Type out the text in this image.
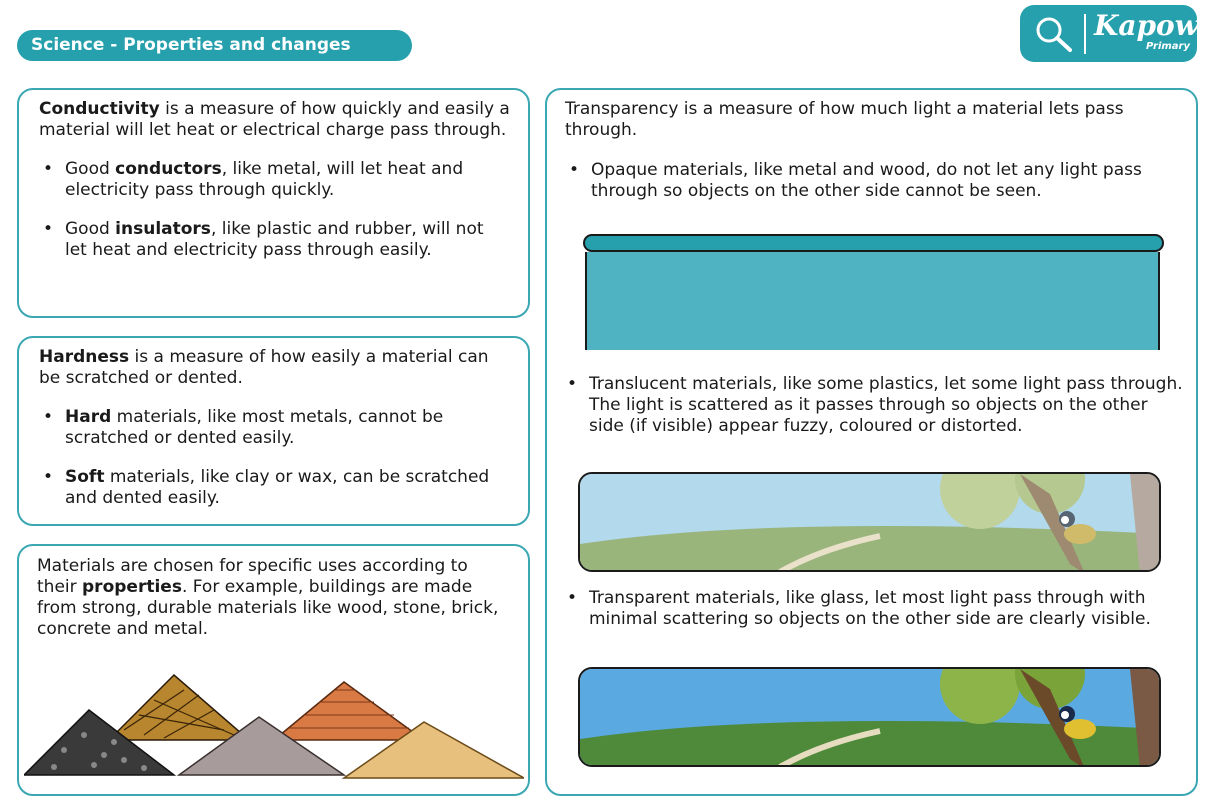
Science - Properties and changes
Kapow
Primary

Conductivity is a measure of how quickly and easily a material will let heat or electrical charge pass through.

• Good conductors, like metal, will let heat and electricity pass through quickly.
• Good insulators, like plastic and rubber, will not let heat and electricity pass through easily.

Hardness is a measure of how easily a material can be scratched or dented.

• Hard materials, like most metals, cannot be scratched or dented easily.
• Soft materials, like clay or wax, can be scratched and dented easily.

Materials are chosen for specific uses according to their properties. For example, buildings are made from strong, durable materials like wood, stone, brick, concrete and metal.

Transparency is a measure of how much light a material lets pass through.

• Opaque materials, like metal and wood, do not let any light pass through so objects on the other side cannot be seen.
• Translucent materials, like some plastics, let some light pass through. The light is scattered as it passes through so objects on the other side (if visible) appear fuzzy, coloured or distorted.
• Transparent materials, like glass, let most light pass through with minimal scattering so objects on the other side are clearly visible.
